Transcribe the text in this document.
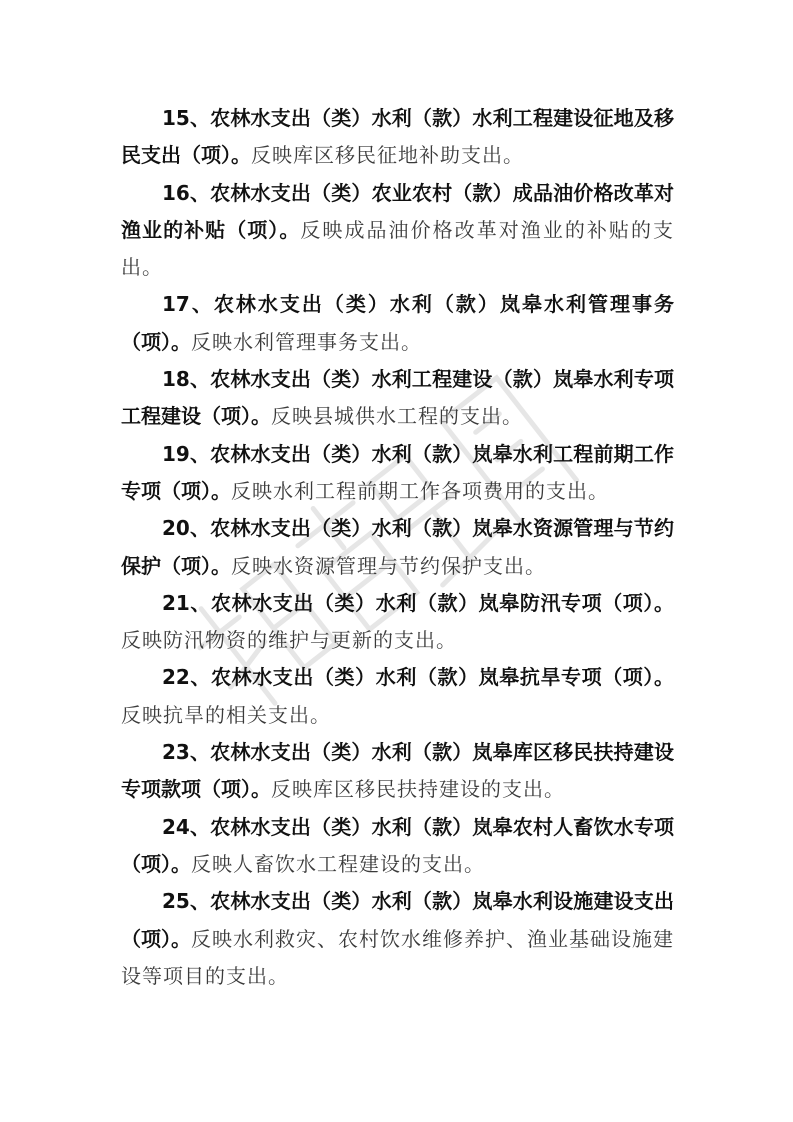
15、农林水支出（类）水利（款）水利工程建设征地及移民支出（项）。反映库区移民征地补助支出。

16、农林水支出（类）农业农村（款）成品油价格改革对渔业的补贴（项）。反映成品油价格改革对渔业的补贴的支出。

17、农林水支出（类）水利（款）岚皋水利管理事务（项）。反映水利管理事务支出。

18、农林水支出（类）水利工程建设（款）岚皋水利专项工程建设（项）。反映县城供水工程的支出。

19、农林水支出（类）水利（款）岚皋水利工程前期工作专项（项）。反映水利工程前期工作各项费用的支出。

20、农林水支出（类）水利（款）岚皋水资源管理与节约保护（项）。反映水资源管理与节约保护支出。

21、农林水支出（类）水利（款）岚皋防汛专项（项）。反映防汛物资的维护与更新的支出。

22、农林水支出（类）水利（款）岚皋抗旱专项（项）。反映抗旱的相关支出。

23、农林水支出（类）水利（款）岚皋库区移民扶持建设专项款项（项）。反映库区移民扶持建设的支出。

24、农林水支出（类）水利（款）岚皋农村人畜饮水专项（项）。反映人畜饮水工程建设的支出。

25、农林水支出（类）水利（款）岚皋水利设施建设支出（项）。反映水利救灾、农村饮水维修养护、渔业基础设施建设等项目的支出。
